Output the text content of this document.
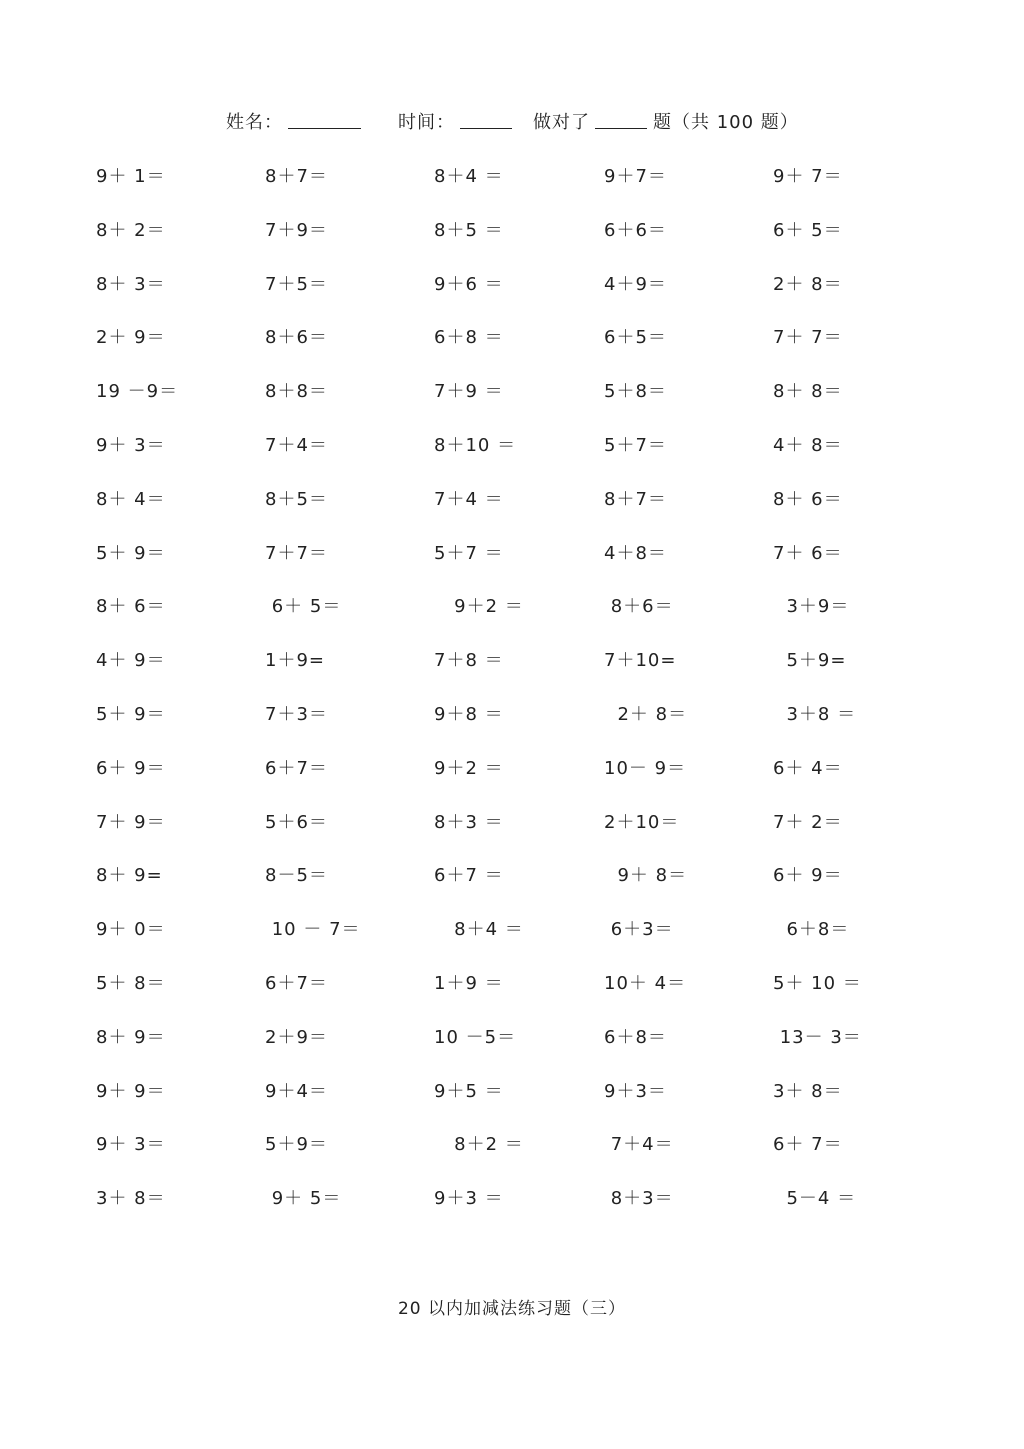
姓名：	时间：	做对了	题（共 100 题）
9＋ 1＝	8＋7＝	8＋4 ＝	9＋7＝	9＋ 7＝
8＋ 2＝	7＋9＝	8＋5 ＝	6＋6＝	6＋ 5＝
8＋ 3＝	7＋5＝	9＋6 ＝	4＋9＝	2＋ 8＝
2＋ 9＝	8＋6＝	6＋8 ＝	6＋5＝	7＋ 7＝
19 －9＝	8＋8＝	7＋9 ＝	5＋8＝	8＋ 8＝
9＋ 3＝	7＋4＝	8＋10 ＝	5＋7＝	4＋ 8＝
8＋ 4＝	8＋5＝	7＋4 ＝	8＋7＝	8＋ 6＝
5＋ 9＝	7＋7＝	5＋7 ＝	4＋8＝	7＋ 6＝
8＋ 6＝	6＋ 5＝	9＋2 ＝	8＋6＝	3＋9＝
4＋ 9＝	1＋9=	7＋8 ＝	7＋10=	5＋9=
5＋ 9＝	7＋3＝	9＋8 ＝	2＋ 8＝	3＋8 ＝
6＋ 9＝	6＋7＝	9＋2 ＝	10－ 9＝	6＋ 4＝
7＋ 9＝	5＋6＝	8＋3 ＝	2＋10＝	7＋ 2＝
8＋ 9=	8－5＝	6＋7 ＝	9＋ 8＝	6＋ 9＝
9＋ 0＝	10 － 7＝	8＋4 ＝	6＋3＝	6＋8＝
5＋ 8＝	6＋7＝	1＋9 ＝	10＋ 4＝	5＋ 10 ＝
8＋ 9＝	2＋9＝	10 －5＝	6＋8＝	13－ 3＝
9＋ 9＝	9＋4＝	9＋5 ＝	9＋3＝	3＋ 8＝
9＋ 3＝	5＋9＝	8＋2 ＝	7＋4＝	6＋ 7＝
3＋ 8＝	9＋ 5＝	9＋3 ＝	8＋3＝	5－4 ＝
20 以内加减法练习题（三）
